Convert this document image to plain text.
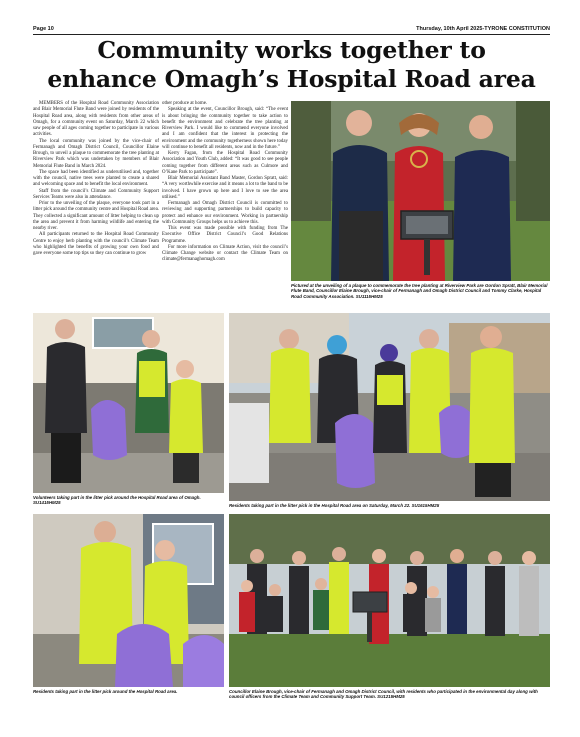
Page 10	Thursday, 10th April 2025-TYRONE CONSTITUTION
Community works together to
enhance Omagh’s Hospital Road area

MEMBERS of the Hospital Road Community Association and Blair Memorial Flute Band were joined by residents of the Hospital Road area, along with residents from other areas of Omagh, for a community event on Saturday, March 22 which saw people of all ages coming together to participate in various activities.

The local community was joined by the vice-chair of Fermanagh and Omagh District Council, Councillor Elaine Brough, to unveil a plaque to commemorate the tree planting at Riverview Park which was undertaken by members of Blair Memorial Flute Band in March 2024.

The space had been identified as underutilised and, together with the council, native trees were planted to create a shared and welcoming space and to benefit the local environment.

Staff from the council’s Climate and Community Support Services Teams were also in attendance.

Prior to the unveiling of the plaque, everyone took part in a litter pick around the community centre and Hospital Road area. They collected a significant amount of litter helping to clean up the area and prevent it from harming wildlife and entering the nearby river.

All participants returned to the Hospital Road Community Centre to enjoy herb planting with the council’s Climate Team who highlighted the benefits of growing your own food and gave everyone some top tips so they can continue to grow

other produce at home.

Speaking at the event, Councillor Brough, said: “The event is about bringing the community together to take action to benefit the environment and celebrate the tree planting at Riverview Park. I would like to commend everyone involved and I am confident that the interest in protecting the environment and the community togetherness shown here today will continue to benefit all residents, now and in the future.”

Kerry Fagan, from the Hospital Road Community Association and Youth Club, added: “It was good to see people coming together from different areas such as Culmore and O’Kane Park to participate”.

Blair Memorial Assistant Band Master, Gordon Spratt, said: “A very worthwhile exercise and it means a lot to the band to be involved. I have grown up here and I love to see the area utilised.”

Fermanagh and Omagh District Council is committed to reviewing and supporting partnerships to build capacity to protect and enhance our environment. Working in partnership with Community Groups helps us to achieve this.

This event was made possible with funding from The Executive Office District Council’s Good Relations Programme.

For more information on Climate Action, visit the council’s Climate Change website or contact the Climate Team on climate@fermanaghomagh.com

Pictured at the unveiling of a plaque to commemorate the tree planting at Riverview Park are Gordon Spratt, Blair Memorial Flute Band, Councillor Elaine Brough, vice-chair of Fermanagh and Omagh District Council and Tommy Clarke, Hospital Road Community Association. SU1115HM25
Volunteers taking part in the litter pick around the Hospital Road area of Omagh. SU1415HM25
Residents taking part in the litter pick in the Hospital Road area on Saturday, March 22. SU1615HM25
Residents taking part in the litter pick around the Hospital Road area.	Councillor Elaine Brough, vice-chair of Fermanagh and Omagh District Council, with residents who participated in the environmental day along with council officers from the Climate Team and Community Support Team. SU1215HM25
